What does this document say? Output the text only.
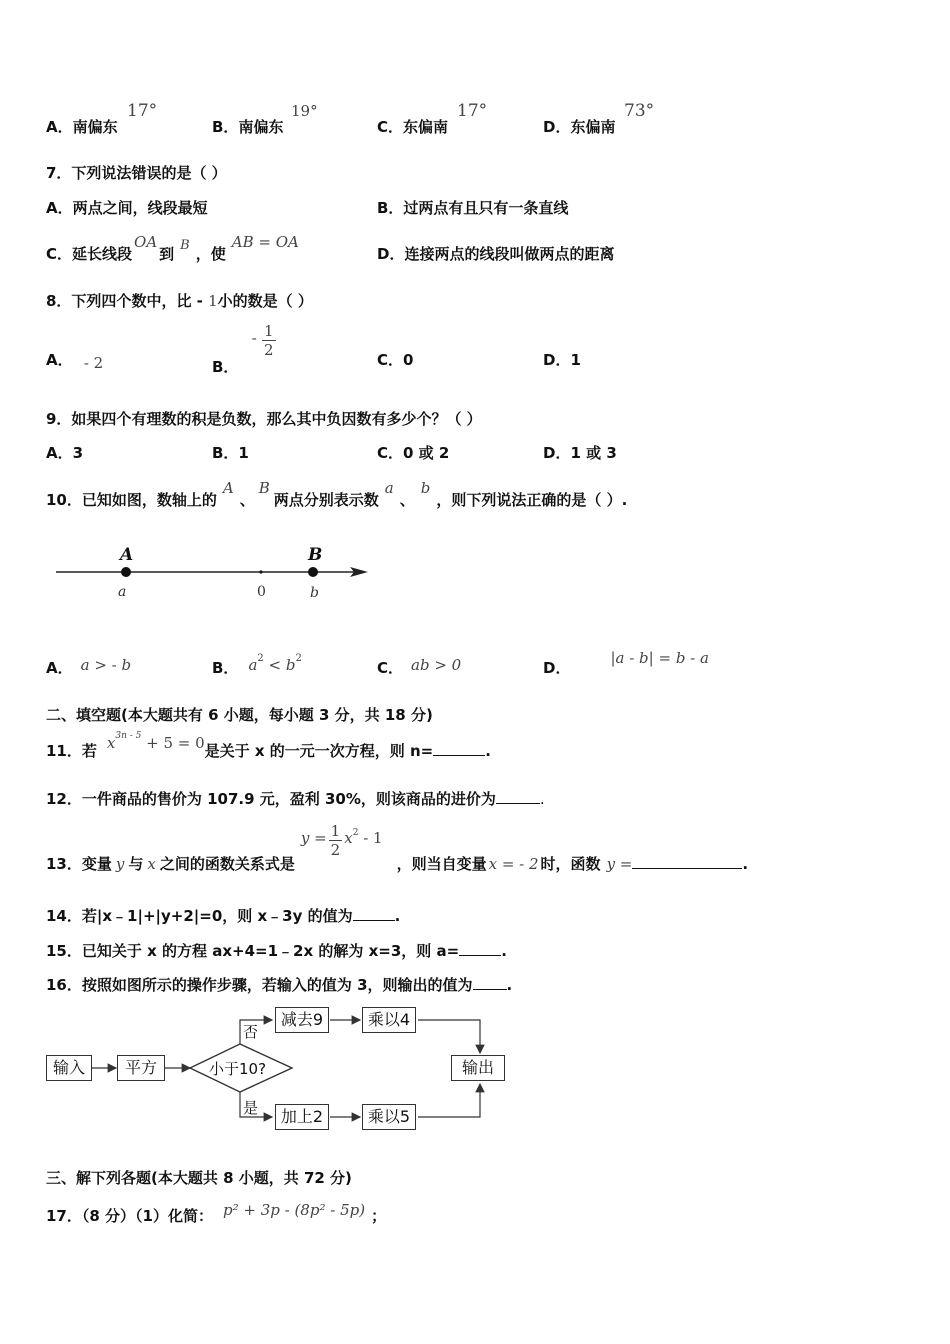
A．南偏东
17°
B．南偏东
19°
C．东偏南
17°
D．东偏南
73°
7．下列说法错误的是（ ）
A．两点之间，线段最短	B．过两点有且只有一条直线
C．延长线段OA到 B ，使AB = OA
D．连接两点的线段叫做两点的距离
8．下列四个数中，比 - 1小的数是（ ）
A． - 2	B． - $\frac{1}{2}$
C．0	D．1
9．如果四个有理数的积是负数，那么其中负因数有多少个？（ ）
A．3	B．1	C．0 或 2	D．1 或 3
10．已知如图，数轴上的A、B两点分别表示数a、b，则下列说法正确的是（ ）.
A	B
a	b
0
A． a > - b	B． $a^2 < b^2$
C． ab > 0	D．|a - b| = b - a
二、填空题(本大题共有 6 小题，每小题 3 分，共 18 分)
11．若 $x^{3n - 5} + 5 = 0$是关于 x 的一元一次方程，则 n=	.
12．一件商品的售价为 107.9 元，盈利 30%，则该商品的进价为	.
13．变量 y 与 x 之间的函数关系式是$y = \frac{1}{2} x^2 - 1$，则当自变量 x = - 2 时，函数 y =	.
14．若|x﹣1|+|y+2|=0，则 x﹣3y 的值为	.
15．已知关于 x 的方程 ax+4=1﹣2x 的解为 x=3，则 a=	.
16．按照如图所示的操作步骤，若输入的值为 3，则输出的值为 .
输入	平方	小于10?
否
是
减去9	乘以4
加上2	乘以5
输出
三、解下列各题(本大题共 8 小题，共 72 分)
17．（8 分）（1）化简： p² + 3p - (8p² - 5p) ；
